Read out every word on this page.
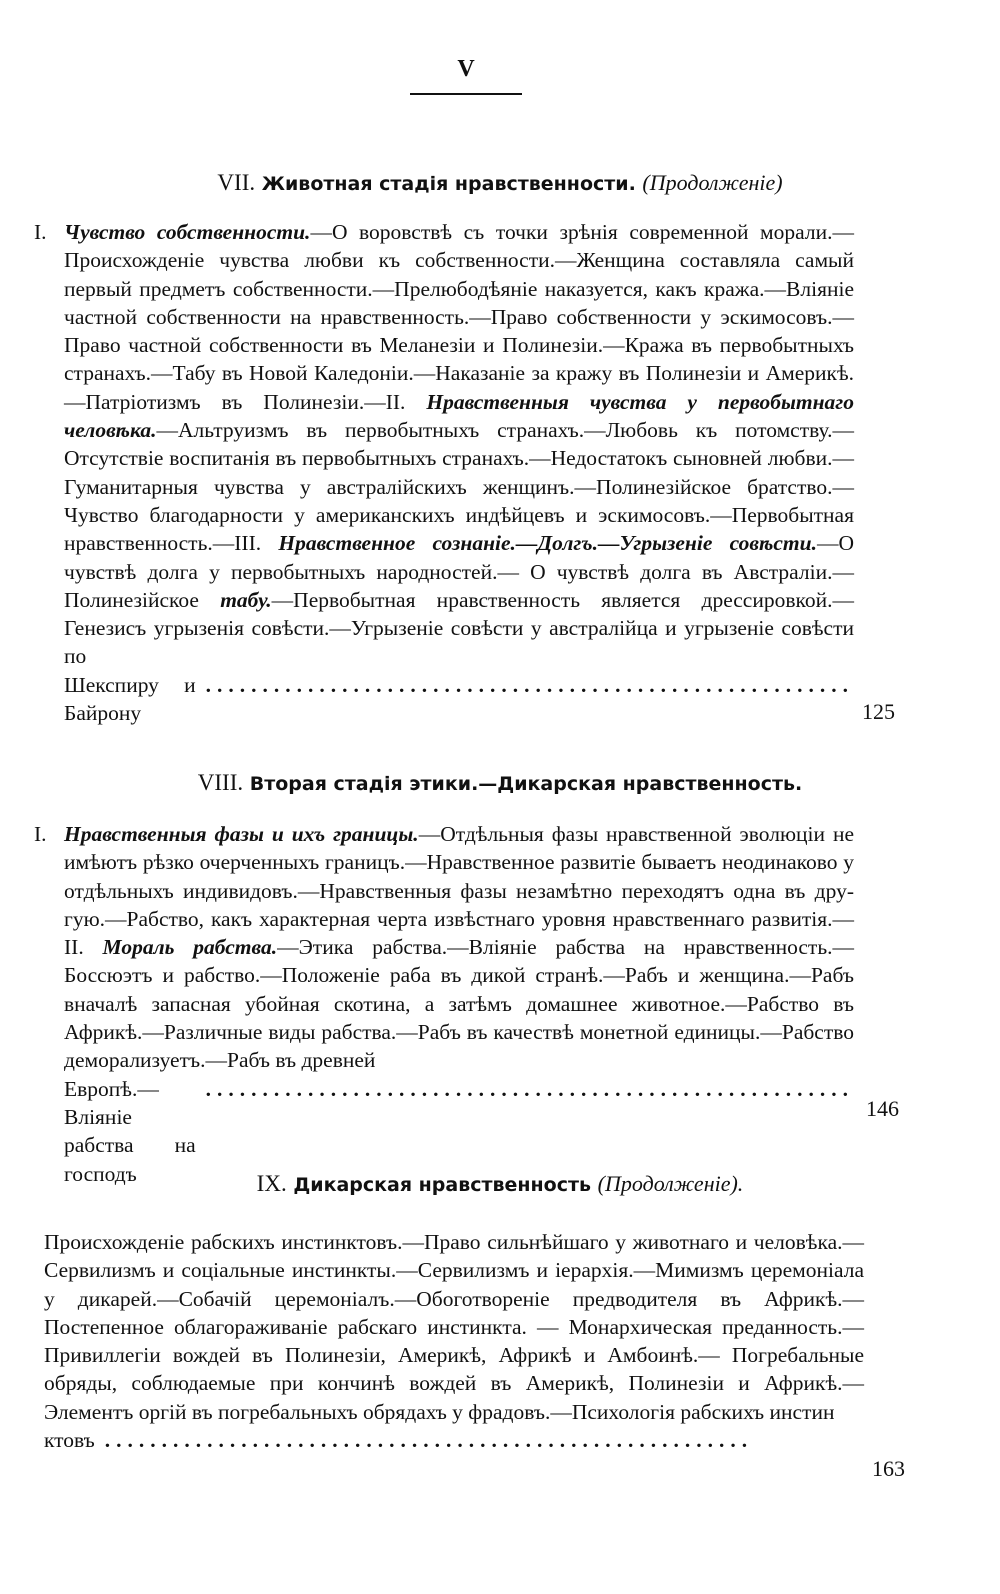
V
VII. Животная стадія нравственности. (Продолженіе)
I. Чувство собственности.—О воровствѣ съ точки зрѣнія современной морали.—Происхожденіе чувства любви къ собственности.—Женщина составляла самый первый предметъ собственности.—Прелюбодѣяніе наказуется, какъ кража.—Вліяніе частной собственности на нравственность.—Право собственности у эскимосовъ.—Право частной собственности въ Меланезіи и Полинезіи.—Кража въ первобытныхъ странахъ.—Табу въ Новой Каледоніи.—Наказаніе за кражу въ Полинезіи и Америкѣ.—Патріотизмъ въ Полинезіи.—II. Нравственныя чувства у первобытнаго человѣка.—Альтруизмъ въ первобытныхъ странахъ.—Любовь къ потомству.—Отсутствіе воспитанія въ первобытныхъ странахъ.—Недостатокъ сыновней любви.—Гуманитарныя чувства у австралійскихъ женщинъ.—Полинезійское братство.—Чувство благодарности у американскихъ индѣйцевъ и эскимосовъ.—Первобытная нравственность.—III. Нравственное сознаніе.—Долгъ.—Угрызеніе совѣсти.—О чувствѣ долга у первобытныхъ народностей.— О чувствѣ долга въ Австраліи.—Полинезійское табу.—Первобытная нравственность является дрессировкой.—Генезисъ угрызенія совѣсти.—Угрызеніе совѣсти у австралійца и угрызеніе совѣсти по
Шекспиру и Байрону
.........................................................
125
VIII. Вторая стадія этики.—Дикарская нравственность.
I. Нравственныя фазы и ихъ границы.—Отдѣльныя фазы нравственной эволюціи не имѣютъ рѣзко очерченныхъ границъ.—Нравственное развитіе бываетъ неодинаково у отдѣльныхъ индивидовъ.—Нравственныя фазы незамѣтно переходятъ одна въ другую.—Рабство, какъ характерная черта извѣстнаго уровня нравственнаго развитія.—II. Мораль рабства.—Этика рабства.—Вліяніе рабства на нравственность.—Боссюэтъ и рабство.—Положеніе раба въ дикой странѣ.—Рабъ и женщина.—Рабъ вначалѣ запасная убойная скотина, а затѣмъ домашнее животное.—Рабство въ Африкѣ.—Различные виды рабства.—Рабъ въ качествѣ монетной единицы.—Рабство деморализуетъ.—Рабъ въ древней
Европѣ.—Вліяніе рабства на господъ
.........................................................
146
IX. Дикарская нравственность (Продолженіе).
Происхожденіе рабскихъ инстинктовъ.—Право сильнѣйшаго у животнаго и человѣка.—Сервилизмъ и соціальные инстинкты.—Сервилизмъ и іерархія.—Мимизмъ церемоніала у дикарей.—Собачій церемоніалъ.—Обоготвореніе предводителя въ Африкѣ.—Постепенное облагораживаніе рабскаго инстинкта. — Монархическая преданность.—Привиллегіи вождей въ Полинезіи, Америкѣ, Африкѣ и Амбоинѣ.— Погребальные обряды, соблюдаемые при кончинѣ вождей въ Америкѣ, Полинезіи и Африкѣ.—Элементъ оргій въ погребальныхъ обрядахъ у фрадовъ.—Психологія рабскихъ инстин
ктовъ .........................................................
163
